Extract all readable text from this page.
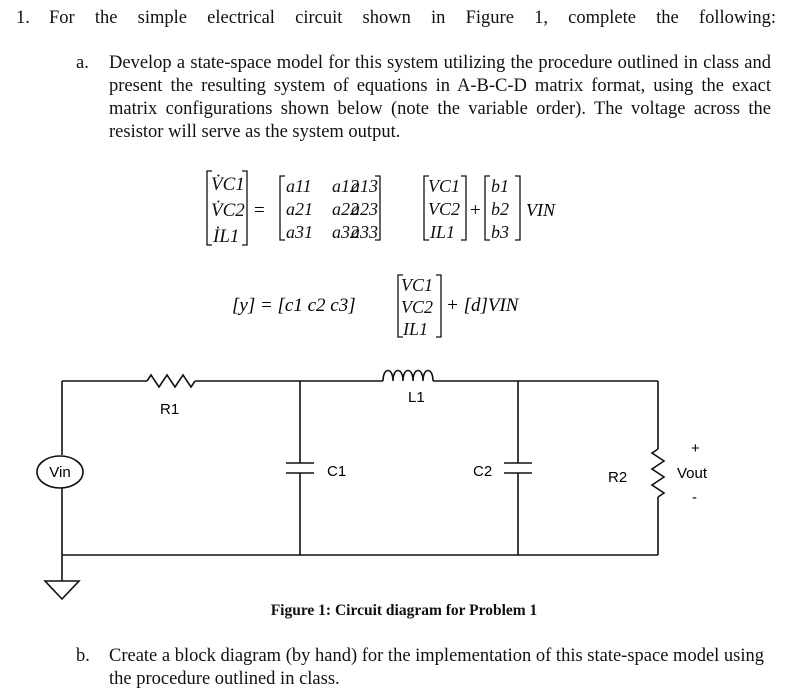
1. For the simple electrical circuit shown in Figure 1, complete the following:
a. Develop a state-space model for this system utilizing the procedure outlined in class and present the resulting system of equations in A-B-C-D matrix format, using the exact matrix configurations shown below (note the variable order). The voltage across the resistor will serve as the system output.
V̇C1
V̇C2
İL1
=
a11 a12
a13
a21 a22
a23
a31 a32
a33
VC1
VC2
IL1
+
b1
b2
b3
VIN
[y] = [c1 c2 c3]
VC1
VC2
IL1
+ [d]VIN
Vin
R1
L1
C1	C2	R2
+
Vout
-
Figure 1: Circuit diagram for Problem 1
b. Create a block diagram (by hand) for the implementation of this state-space model using the procedure outlined in class.
